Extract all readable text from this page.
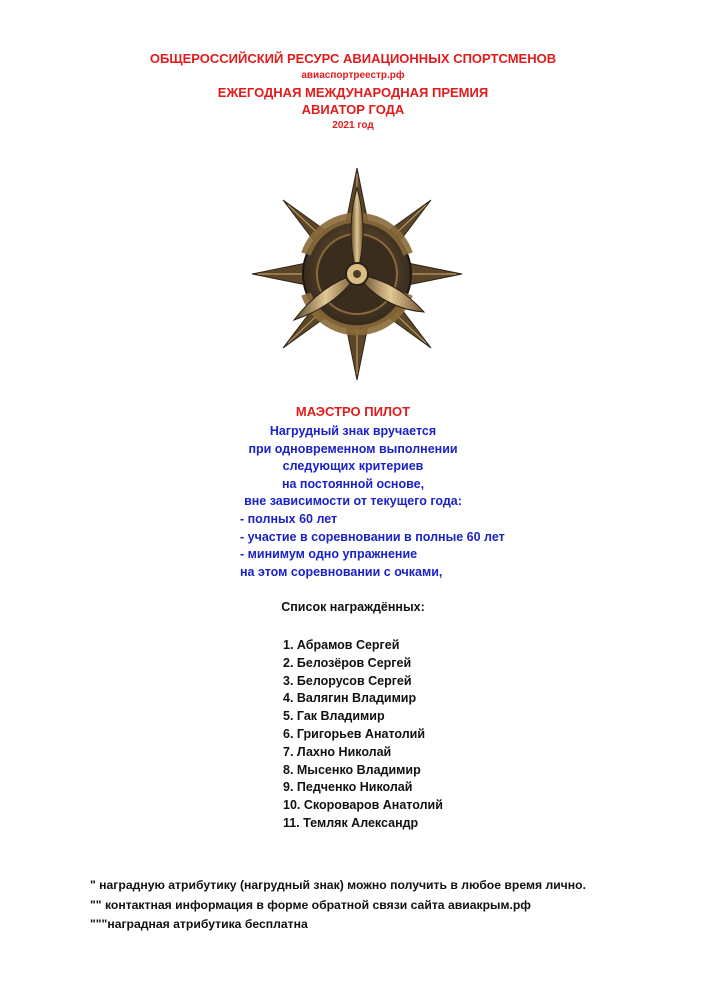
ОБЩЕРОССИЙСКИЙ РЕСУРС АВИАЦИОННЫХ СПОРТСМЕНОВ
авиаспортреестр.рф
ЕЖЕГОДНАЯ МЕЖДУНАРОДНАЯ ПРЕМИЯ
АВИАТОР ГОДА
2021 год
МАЭСТРО ПИЛОТ
Нагрудный знак вручается
при одновременном выполнении
следующих критериев
на постоянной основе,
вне зависимости от текущего года:
- полных 60 лет
- участие в соревновании в полные 60 лет
- минимум одно упражнение
на этом соревновании с очками,
Список награждённых:
1. Абрамов Сергей
2. Белозёров Сергей
3. Белорусов Сергей
4. Валягин Владимир
5. Гак Владимир
6. Григорьев Анатолий
7. Лахно Николай
8. Мысенко Владимир
9. Педченко Николай
10. Скороваров Анатолий
11. Темляк Александр
" наградную атрибутику (нагрудный знак) можно получить в любое время лично.
"" контактная информация в форме обратной связи сайта авиакрым.рф
"""наградная атрибутика бесплатна
